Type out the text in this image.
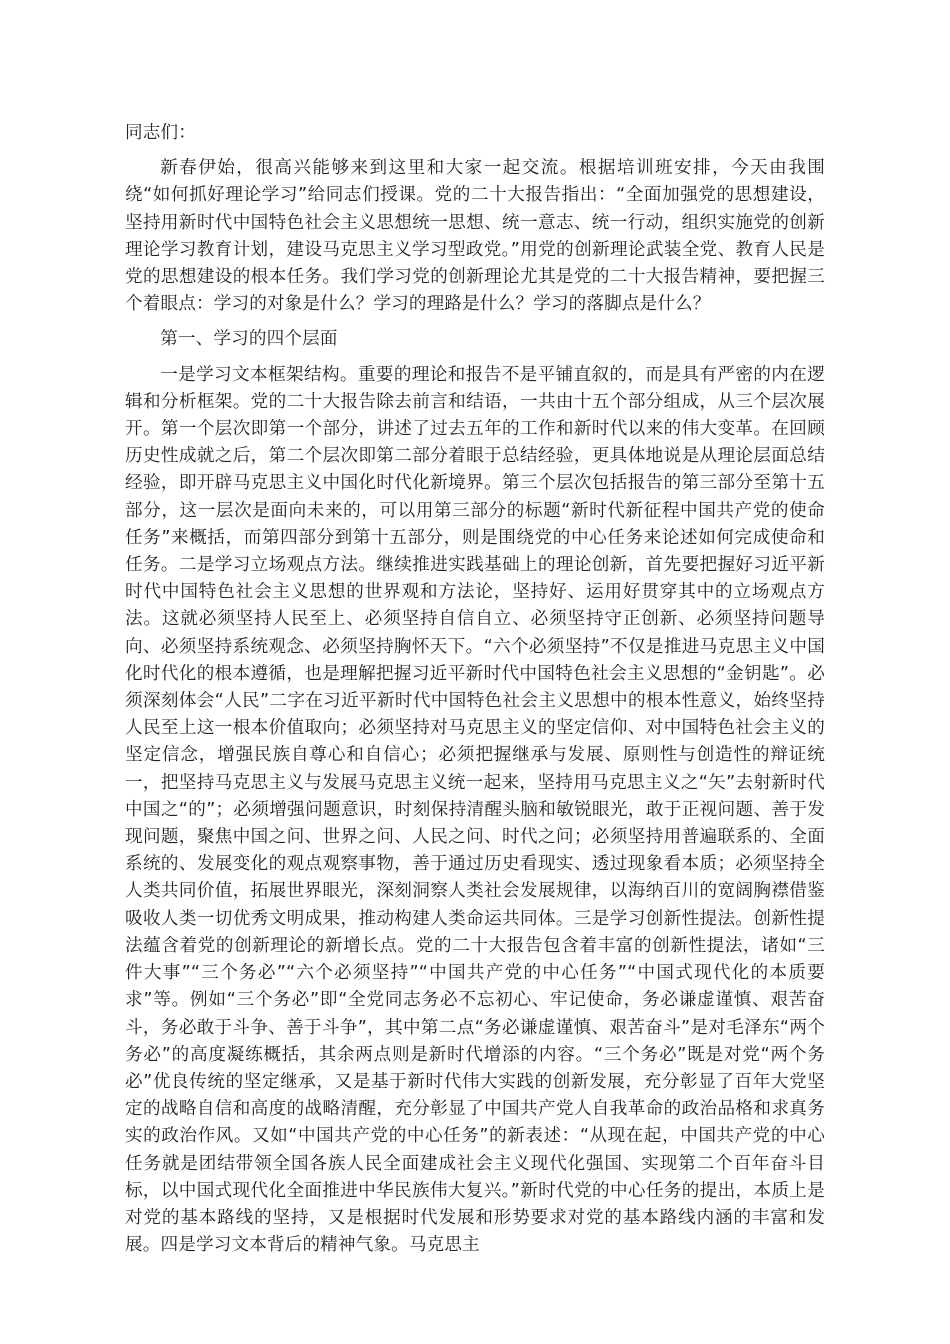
同志们：

新春伊始，很高兴能够来到这里和大家一起交流。根据培训班安排，今天由我围绕“如何抓好理论学习”给同志们授课。党的二十大报告指出：“全面加强党的思想建设，坚持用新时代中国特色社会主义思想统一思想、统一意志、统一行动，组织实施党的创新理论学习教育计划，建设马克思主义学习型政党。”用党的创新理论武装全党、教育人民是党的思想建设的根本任务。我们学习党的创新理论尤其是党的二十大报告精神，要把握三个着眼点：学习的对象是什么？学习的理路是什么？学习的落脚点是什么？

第一、学习的四个层面

一是学习文本框架结构。重要的理论和报告不是平铺直叙的，而是具有严密的内在逻辑和分析框架。党的二十大报告除去前言和结语，一共由十五个部分组成，从三个层次展开。第一个层次即第一个部分，讲述了过去五年的工作和新时代以来的伟大变革。在回顾历史性成就之后，第二个层次即第二部分着眼于总结经验，更具体地说是从理论层面总结经验，即开辟马克思主义中国化时代化新境界。第三个层次包括报告的第三部分至第十五部分，这一层次是面向未来的，可以用第三部分的标题“新时代新征程中国共产党的使命任务”来概括，而第四部分到第十五部分，则是围绕党的中心任务来论述如何完成使命和任务。二是学习立场观点方法。继续推进实践基础上的理论创新，首先要把握好习近平新时代中国特色社会主义思想的世界观和方法论，坚持好、运用好贯穿其中的立场观点方法。这就必须坚持人民至上、必须坚持自信自立、必须坚持守正创新、必须坚持问题导向、必须坚持系统观念、必须坚持胸怀天下。“六个必须坚持”不仅是推进马克思主义中国化时代化的根本遵循，也是理解把握习近平新时代中国特色社会主义思想的“金钥匙”。必须深刻体会“人民”二字在习近平新时代中国特色社会主义思想中的根本性意义，始终坚持人民至上这一根本价值取向；必须坚持对马克思主义的坚定信仰、对中国特色社会主义的坚定信念，增强民族自尊心和自信心；必须把握继承与发展、原则性与创造性的辩证统一，把坚持马克思主义与发展马克思主义统一起来，坚持用马克思主义之“矢”去射新时代中国之“的”；必须增强问题意识，时刻保持清醒头脑和敏锐眼光，敢于正视问题、善于发现问题，聚焦中国之问、世界之问、人民之问、时代之问；必须坚持用普遍联系的、全面系统的、发展变化的观点观察事物，善于通过历史看现实、透过现象看本质；必须坚持全人类共同价值，拓展世界眼光，深刻洞察人类社会发展规律，以海纳百川的宽阔胸襟借鉴吸收人类一切优秀文明成果，推动构建人类命运共同体。三是学习创新性提法。创新性提法蕴含着党的创新理论的新增长点。党的二十大报告包含着丰富的创新性提法，诸如“三件大事”“三个务必”“六个必须坚持”“中国共产党的中心任务”“中国式现代化的本质要求”等。例如“三个务必”即“全党同志务必不忘初心、牢记使命，务必谦虚谨慎、艰苦奋斗，务必敢于斗争、善于斗争”，其中第二点“务必谦虚谨慎、艰苦奋斗”是对毛泽东“两个务必”的高度凝练概括，其余两点则是新时代增添的内容。“三个务必”既是对党“两个务必”优良传统的坚定继承，又是基于新时代伟大实践的创新发展，充分彰显了百年大党坚定的战略自信和高度的战略清醒，充分彰显了中国共产党人自我革命的政治品格和求真务实的政治作风。又如“中国共产党的中心任务”的新表述：“从现在起，中国共产党的中心任务就是团结带领全国各族人民全面建成社会主义现代化强国、实现第二个百年奋斗目标，以中国式现代化全面推进中华民族伟大复兴。”新时代党的中心任务的提出，本质上是对党的基本路线的坚持，又是根据时代发展和形势要求对党的基本路线内涵的丰富和发展。四是学习文本背后的精神气象。马克思主
